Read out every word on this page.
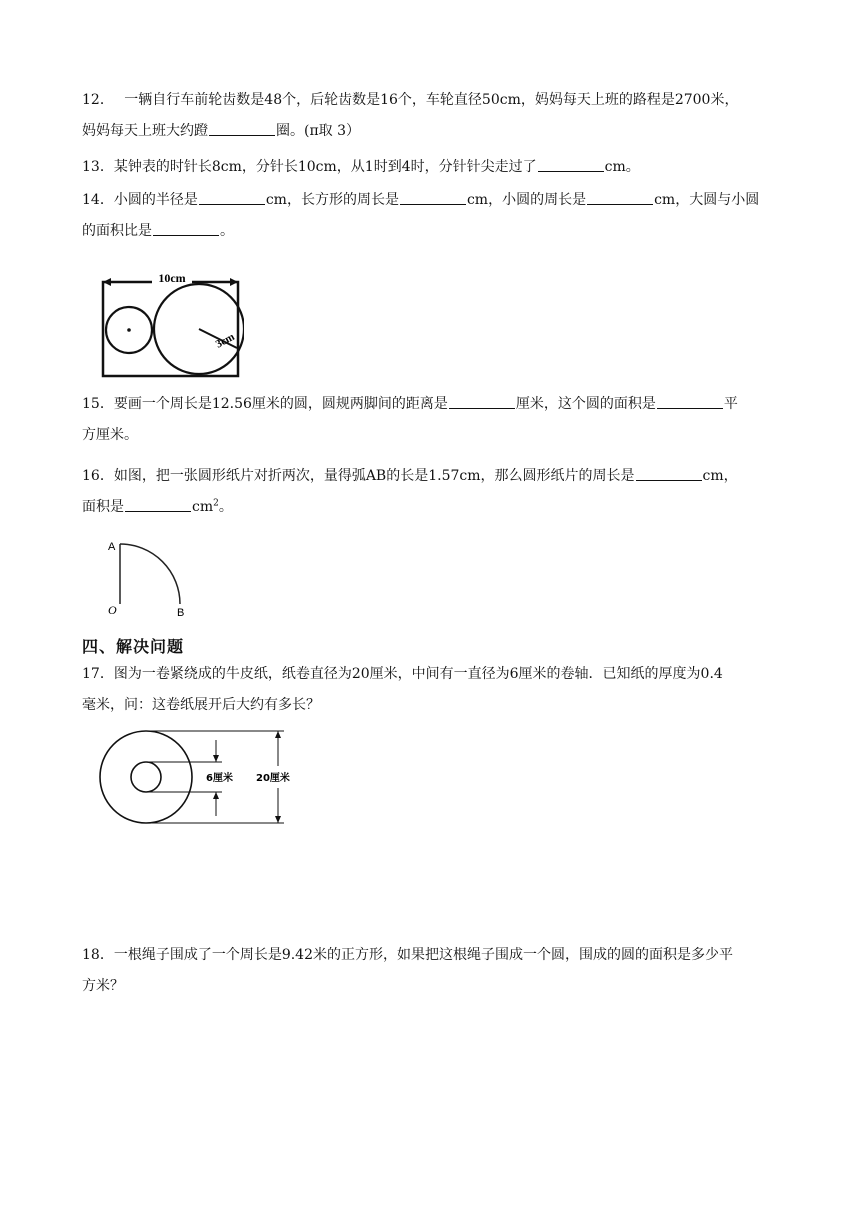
12． 一辆自行车前轮齿数是48个，后轮齿数是16个，车轮直径50cm，妈妈每天上班的路程是2700米，
妈妈每天上班大约蹬	圈。(π取 3）
13．某钟表的时针长8cm，分针长10cm，从1时到4时，分针针尖走过了	cm。
14．小圆的半径是	cm，长方形的周长是	cm，小圆的周长是	cm，大圆与小圆
的面积比是	。
10cm
3cm
15．要画一个周长是12.56厘米的圆，圆规两脚间的距离是	厘米，这个圆的面积是	平
方厘米。
16．如图，把一张圆形纸片对折两次，量得弧AB的长是1.57cm，那么圆形纸片的周长是	cm，
面积是	$cm^2$。
A
O	B
四、解决问题
17．图为一卷紧绕成的牛皮纸，纸卷直径为20厘米，中间有一直径为6厘米的卷轴．已知纸的厚度为0.4
毫米，问：这卷纸展开后大约有多长？
6厘米 20厘米
18．一根绳子围成了一个周长是9.42米的正方形，如果把这根绳子围成一个圆，围成的圆的面积是多少平
方米？
